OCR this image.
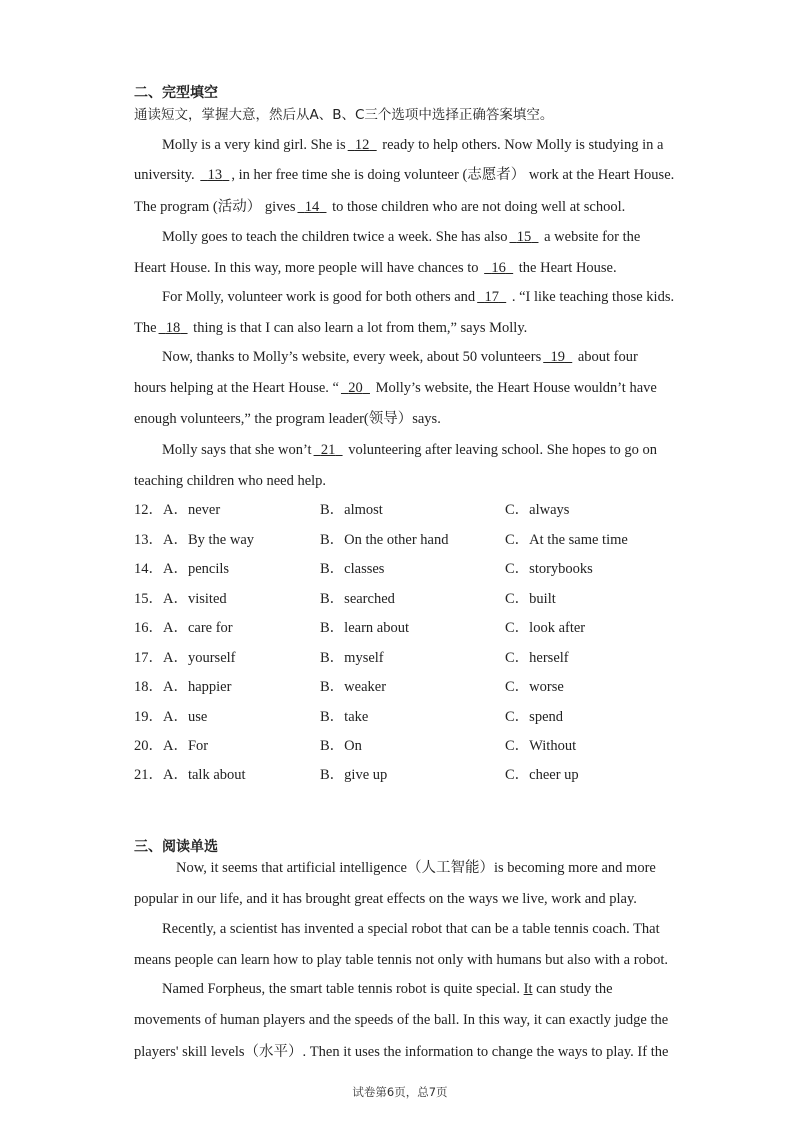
二、完型填空
通读短文，掌握大意，然后从A、B、C三个选项中选择正确答案填空。
Molly is a very kind girl. She is 12 ready to help others. Now Molly is studying in a
university. 13 , in her free time she is doing volunteer (志愿者） work at the Heart House.
The program (活动） gives 14 to those children who are not doing well at school.
Molly goes to teach the children twice a week. She has also 15 a website for the
Heart House. In this way, more people will have chances to 16 the Heart House.
For Molly, volunteer work is good for both others and 17 . “I like teaching those kids.
The 18 thing is that I can also learn a lot from them,” says Molly.
Now, thanks to Molly’s website, every week, about 50 volunteers 19 about four
hours helping at the Heart House. “ 20 Molly’s website, the Heart House wouldn’t have
enough volunteers,” the program leader(领导）says.
Molly says that she won’t 21 volunteering after leaving school. She hopes to go on
teaching children who need help.
12．A．never	B．almost	C．always
13．A．By the way	B．On the other hand	C．At the same time
14．A．pencils	B．classes	C．storybooks
15．A．visited	B．searched	C．built
16．A．care for	B．learn about	C．look after
17．A．yourself	B．myself	C．herself
18．A．happier	B．weaker	C．worse
19．A．use	B．take	C．spend
20．A．For	B．On	C．Without
21．A．talk about	B．give up	C．cheer up
三、阅读单选
Now, it seems that artificial intelligence（人工智能）is becoming more and more
popular in our life, and it has brought great effects on the ways we live, work and play.
Recently, a scientist has invented a special robot that can be a table tennis coach. That
means people can learn how to play table tennis not only with humans but also with a robot.
Named Forpheus, the smart table tennis robot is quite special. It can study the
movements of human players and the speeds of the ball. In this way, it can exactly judge the
players' skill levels（水平）. Then it uses the information to change the ways to play. If the
试卷第6页，总7页
